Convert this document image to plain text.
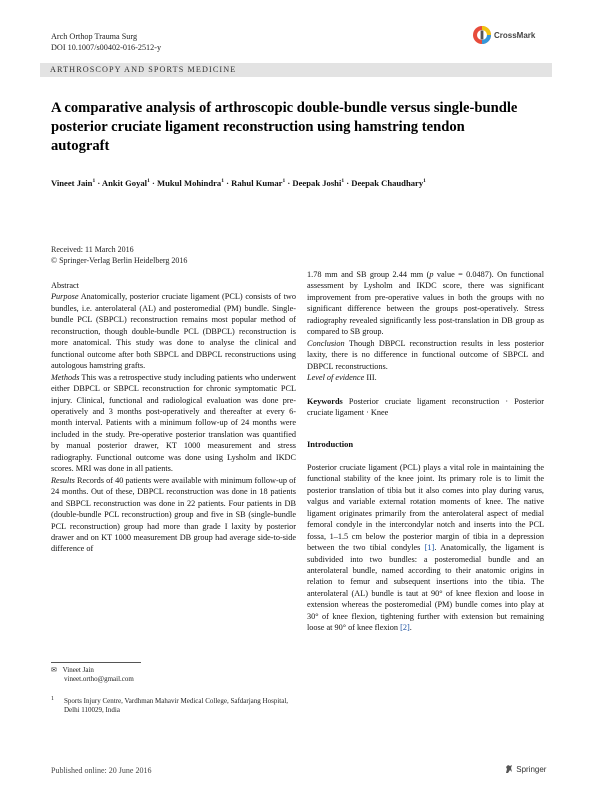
Arch Orthop Trauma Surg
DOI 10.1007/s00402-016-2512-y
CrossMark
ARTHROSCOPY AND SPORTS MEDICINE
A comparative analysis of arthroscopic double-bundle versus single-bundle posterior cruciate ligament reconstruction using hamstring tendon autograft
Vineet Jain$^1$ · Ankit Goyal$^1$ · Mukul Mohindra$^1$ · Rahul Kumar$^1$ · Deepak Joshi$^1$ · Deepak Chaudhary$^1$
Received: 11 March 2016
© Springer-Verlag Berlin Heidelberg 2016

Abstract

Purpose Anatomically, posterior cruciate ligament (PCL) consists of two bundles, i.e. anterolateral (AL) and posteromedial (PM) bundle. Single-bundle PCL (SBPCL) reconstruction remains most popular method of reconstruction, though double-bundle PCL (DBPCL) reconstruction is more anatomical. This study was done to analyse the clinical and functional outcome after both SBPCL and DBPCL reconstructions using autologous hamstring grafts.

Methods This was a retrospective study including patients who underwent either DBPCL or SBPCL reconstruction for chronic symptomatic PCL injury. Clinical, functional and radiological evaluation was done pre-operatively and 3 months post-operatively and thereafter at every 6-month interval. Patients with a minimum follow-up of 24 months were included in the study. Pre-operative posterior translation was quantified by manual posterior drawer, KT 1000 measurement and stress radiography. Functional outcome was done using Lysholm and IKDC scores. MRI was done in all patients.

Results Records of 40 patients were available with minimum follow-up of 24 months. Out of these, DBPCL reconstruction was done in 18 patients and SBPCL reconstruction was done in 22 patients. Four patients in DB (double-bundle PCL reconstruction) group and five in SB (single-bundle PCL reconstruction) group had more than grade I laxity by posterior drawer and on KT 1000 measurement DB group had average side-to-side difference of

1.78 mm and SB group 2.44 mm (p value = 0.0487). On functional assessment by Lysholm and IKDC score, there was significant improvement from pre-operative values in both the groups with no significant difference between the groups post-operatively. Stress radiography revealed significantly less post-translation in DB group as compared to SB group.

Conclusion Though DBPCL reconstruction results in less posterior laxity, there is no difference in functional outcome of SBPCL and DBPCL reconstructions.

Level of evidence III.

Keywords Posterior cruciate ligament reconstruction · Posterior cruciate ligament · Knee

Introduction

Posterior cruciate ligament (PCL) plays a vital role in maintaining the functional stability of the knee joint. Its primary role is to limit the posterior translation of tibia but it also comes into play during varus, valgus and variable external rotation moments of knee. The native ligament originates primarily from the anterolateral aspect of medial femoral condyle in the intercondylar notch and inserts into the PCL fossa, 1–1.5 cm below the posterior margin of tibia in a depression between the two tibial condyles [1]. Anatomically, the ligament is subdivided into two bundles: a posteromedial bundle and an anterolateral bundle, named according to their anatomic origins in relation to femur and subsequent insertions into the tibia. The anterolateral (AL) bundle is taut at 90° of knee flexion and loose in extension whereas the posteromedial (PM) bundle comes into play at 30° of knee flexion, tightening further with extension but remaining loose at 90° of knee flexion [2].

✉ Vineet Jain
vineet.ortho@gmail.com
1	Sports Injury Centre, Vardhman Mahavir Medical College, Safdarjang Hospital, Delhi 110029, India
Published online: 20 June 2016	Springer
